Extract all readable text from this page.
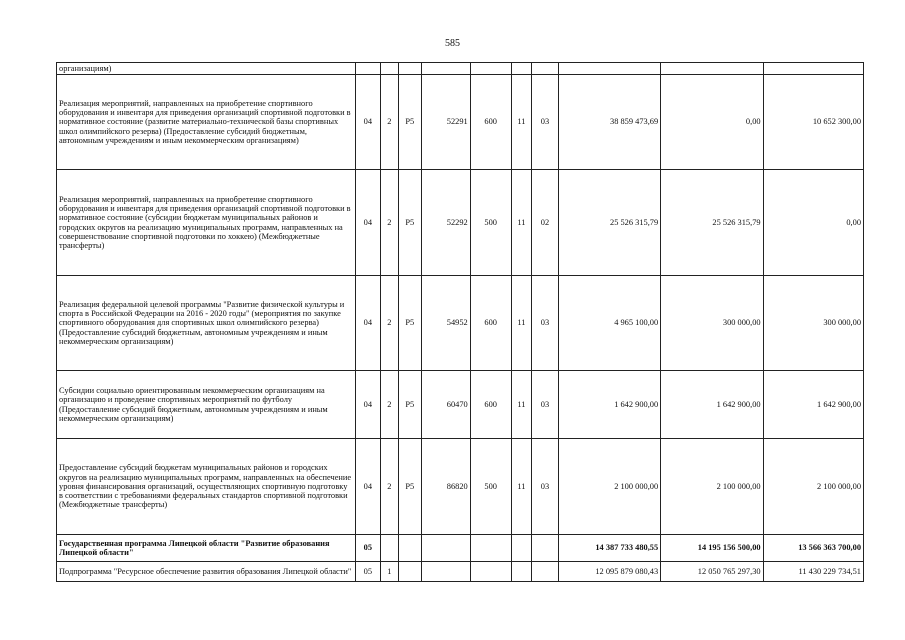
585
организациям)										
Реализация мероприятий, направленных на приобретение спортивного оборудования и инвентаря для приведения организаций спортивной подготовки в нормативное состояние (развитие материально-технической базы спортивных школ олимпийского резерва) (Предоставление субсидий бюджетным, автономным учреждениям и иным некоммерческим организациям)	04	2	P5	52291	600	11	03	38 859 473,69	0,00	10 652 300,00
Реализация мероприятий, направленных на приобретение спортивного оборудования и инвентаря для приведения организаций спортивной подготовки в нормативное состояние (субсидии бюджетам муниципальных районов и городских округов на реализацию муниципальных программ, направленных на совершенствование спортивной подготовки по хоккею) (Межбюджетные трансферты)	04	2	P5	52292	500	11	02	25 526 315,79	25 526 315,79	0,00
Реализация федеральной целевой программы "Развитие физической культуры и спорта в Российской Федерации на 2016 - 2020 годы" (мероприятия по закупке спортивного оборудования для спортивных школ олимпийского резерва) (Предоставление субсидий бюджетным, автономным учреждениям и иным некоммерческим организациям)	04	2	P5	54952	600	11	03	4 965 100,00	300 000,00	300 000,00
Субсидии социально ориентированным некоммерческим организациям на организацию и проведение спортивных мероприятий по футболу (Предоставление субсидий бюджетным, автономным учреждениям и иным некоммерческим организациям)	04	2	P5	60470	600	11	03	1 642 900,00	1 642 900,00	1 642 900,00
Предоставление субсидий бюджетам муниципальных районов и городских округов на реализацию муниципальных программ, направленных на обеспечение уровня финансирования организаций, осуществляющих спортивную подготовку в соответствии с требованиями федеральных стандартов спортивной подготовки (Межбюджетные трансферты)	04	2	P5	86820	500	11	03	2 100 000,00	2 100 000,00	2 100 000,00
Государственная программа Липецкой области "Развитие образования Липецкой области"	05							14 387 733 480,55	14 195 156 500,00	13 566 363 700,00
Подпрограмма "Ресурсное обеспечение развития образования Липецкой области"	05	1						12 095 879 080,43	12 050 765 297,30	11 430 229 734,51
